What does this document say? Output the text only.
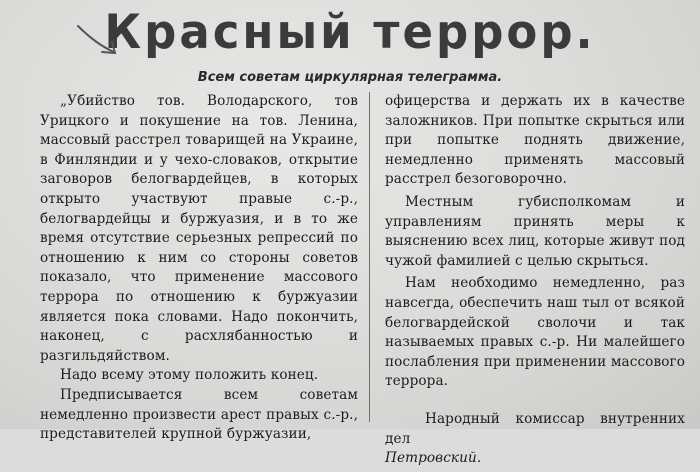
Красный террор.
Всем советам циркулярная телеграмма.

„Убийство тов. Володарского, тов Урицкого и покушение на тов. Ленина, массовый расстрел товарищей на Украине, в Финляндии и у чехо-словаков, открытие заговоров белогвардейцев, в которых открыто участвуют правые с.-р., белогвардейцы и буржуазия, и в то же время отсутствие серьезных репрессий по отношению к ним со стороны советов показало, что применение массового террора по отношению к буржуазии является пока словами. Надо покончить, наконец, с расхлябанностью и разгильдяйством.

Надо всему этому положить конец.

Предписывается всем советам немедленно произвести арест правых с.-р., представителей крупной буржуазии,

офицерства и держать их в качестве заложников. При попытке скрыться или при попытке поднять движение, немедленно применять массовый расстрел безоговорочно.

Местным губисполкомам и управлениям принять меры к выяснению всех лиц, которые живут под чужой фамилией с целью скрыться.

Нам необходимо немедленно, раз навсегда, обеспечить наш тыл от всякой белогвардейской сволочи и так называемых правых с.-р. Ни малейшего послабления при применении массового террора.

Народный комиссар внутренних дел
Петровский.
